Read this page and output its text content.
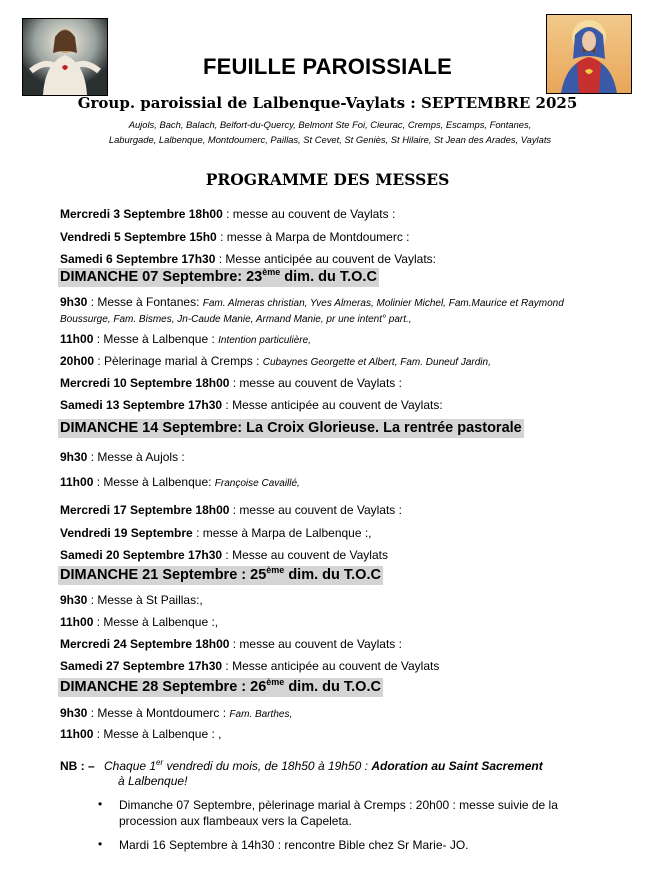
FEUILLE PAROISSIALE
Group. paroissial de Lalbenque-Vaylats : SEPTEMBRE 2025
Aujols, Bach, Balach, Belfort-du-Quercy, Belmont Ste Foi, Cieurac, Cremps, Escamps, Fontanes,
Laburgade, Lalbenque, Montdoumerc, Paillas, St Cevet, St Geniès, St Hilaire, St Jean des Arades, Vaylats
PROGRAMME DES MESSES
Mercredi 3 Septembre 18h00 : messe au couvent de Vaylats :
Vendredi 5 Septembre 15h0 : messe à Marpa de Montdoumerc :
Samedi 6 Septembre 17h30 : Messe anticipée au couvent de Vaylats:
DIMANCHE 07 Septembre: 23ème dim. du T.O.C
9h30 : Messe à Fontanes: Fam. Almeras christian, Yves Almeras, Molinier Michel, Fam.Maurice et Raymond Boussurge, Fam. Bismes, Jn-Caude Manie, Armand Manie, pr une intent° part.,
11h00 : Messe à Lalbenque : Intention particulière,
20h00 : Pèlerinage marial à Cremps : Cubaynes Georgette et Albert, Fam. Duneuf Jardin,
Mercredi 10 Septembre 18h00 : messe au couvent de Vaylats :
Samedi 13 Septembre 17h30 : Messe anticipée au couvent de Vaylats:
DIMANCHE 14 Septembre: La Croix Glorieuse. La rentrée pastorale
9h30 : Messe à Aujols :
11h00 : Messe à Lalbenque: Françoise Cavaillé,
Mercredi 17 Septembre 18h00 : messe au couvent de Vaylats :
Vendredi 19 Septembre : messe à Marpa de Lalbenque :,
Samedi 20 Septembre 17h30 : Messe au couvent de Vaylats
DIMANCHE 21 Septembre : 25ème dim. du T.O.C
9h30 : Messe à St Paillas:,
11h00 : Messe à Lalbenque :,
Mercredi 24 Septembre 18h00 : messe au couvent de Vaylats :
Samedi 27 Septembre 17h30 : Messe anticipée au couvent de Vaylats
DIMANCHE 28 Septembre : 26ème dim. du T.O.C
9h30 : Messe à Montdoumerc : Fam. Barthes,
11h00 : Messe à Lalbenque : ,
NB : – Chaque 1er vendredi du mois, de 18h50 à 19h50 : Adoration au Saint Sacrement
à Lalbenque!
• Dimanche 07 Septembre, pèlerinage marial à Cremps : 20h00 : messe suivie de la procession aux flambeaux vers la Capeleta.
• Mardi 16 Septembre à 14h30 : rencontre Bible chez Sr Marie- JO.
